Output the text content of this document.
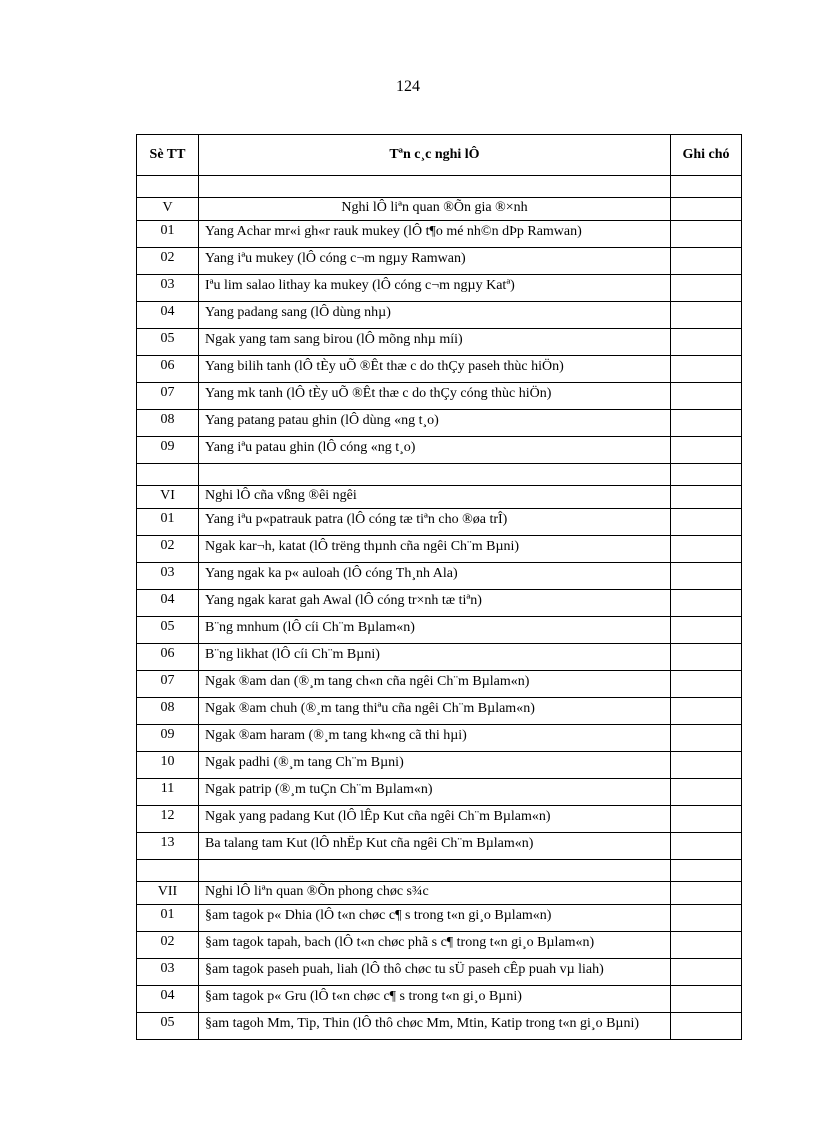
124
Sè TT	Tªn c¸c nghi lÔ	Ghi chó

V	Nghi lÔ liªn quan ®Õn gia ®×nh	
01	Yang Achar mr«i gh«r rauk mukey (lÔ t¶o mé nh©n dÞp Ramwan)	
02	Yang iªu mukey (lÔ cóng c¬m ngµy Ramwan)	
03	Iªu lim salao lithay ka mukey (lÔ cóng c¬m ngµy Katª)	
04	Yang padang sang (lÔ dùng nhµ)	
05	Ngak yang tam sang birou (lÔ mõng nhµ míi)	
06	Yang bilih tanh (lÔ tÈy uÕ ®Êt thæ c do thÇy paseh thùc hiÖn)	
07	Yang mk tanh (lÔ tÈy uÕ ®Êt thæ c do thÇy cóng thùc hiÖn)	
08	Yang patang patau ghin (lÔ dùng «ng t¸o)	
09	Yang iªu patau ghin (lÔ cóng «ng t¸o)	

VI	Nghi lÔ cña vßng ®êi ngêi	
01	Yang iªu p«patrauk patra (lÔ cóng tæ tiªn cho ®øa trÎ)	
02	Ngak kar¬h, katat (lÔ trëng thµnh cña ngêi Ch¨m Bµni)	
03	Yang ngak ka p« auloah (lÔ cóng Th¸nh Ala)	
04	Yang ngak karat gah Awal (lÔ cóng tr×nh tæ tiªn)	
05	B¨ng mnhum (lÔ cíi Ch¨m Bµlam«n)	
06	B¨ng likhat (lÔ cíi Ch¨m Bµni)	
07	Ngak ®am dan (®¸m tang ch«n cña ngêi Ch¨m Bµlam«n)	
08	Ngak ®am chuh (®¸m tang thiªu cña ngêi Ch¨m Bµlam«n)	
09	Ngak ®am haram (®¸m tang kh«ng cã thi hµi)	
10	Ngak padhi (®¸m tang Ch¨m Bµni)	
11	Ngak patrip (®¸m tuÇn Ch¨m Bµlam«n)	
12	Ngak yang padang Kut (lÔ lÊp Kut cña ngêi Ch¨m Bµlam«n)	
13	Ba talang tam Kut (lÔ nhËp Kut cña ngêi Ch¨m Bµlam«n)	

VII	Nghi lÔ liªn quan ®Õn phong chøc s¾c	
01	§am tagok p« Dhia (lÔ t«n chøc c¶ s trong t«n gi¸o Bµlam«n)	
02	§am tagok tapah, bach (lÔ t«n chøc phã s c¶ trong t«n gi¸o Bµlam«n)	
03	§am tagok paseh puah, liah (lÔ thô chøc tu sÜ paseh cÊp puah vµ liah)	
04	§am tagok p« Gru (lÔ t«n chøc c¶ s trong t«n gi¸o Bµni)	
05	§am tagoh Mm, Tip, Thin (lÔ thô chøc Mm, Mtin, Katip trong t«n gi¸o Bµni)	
